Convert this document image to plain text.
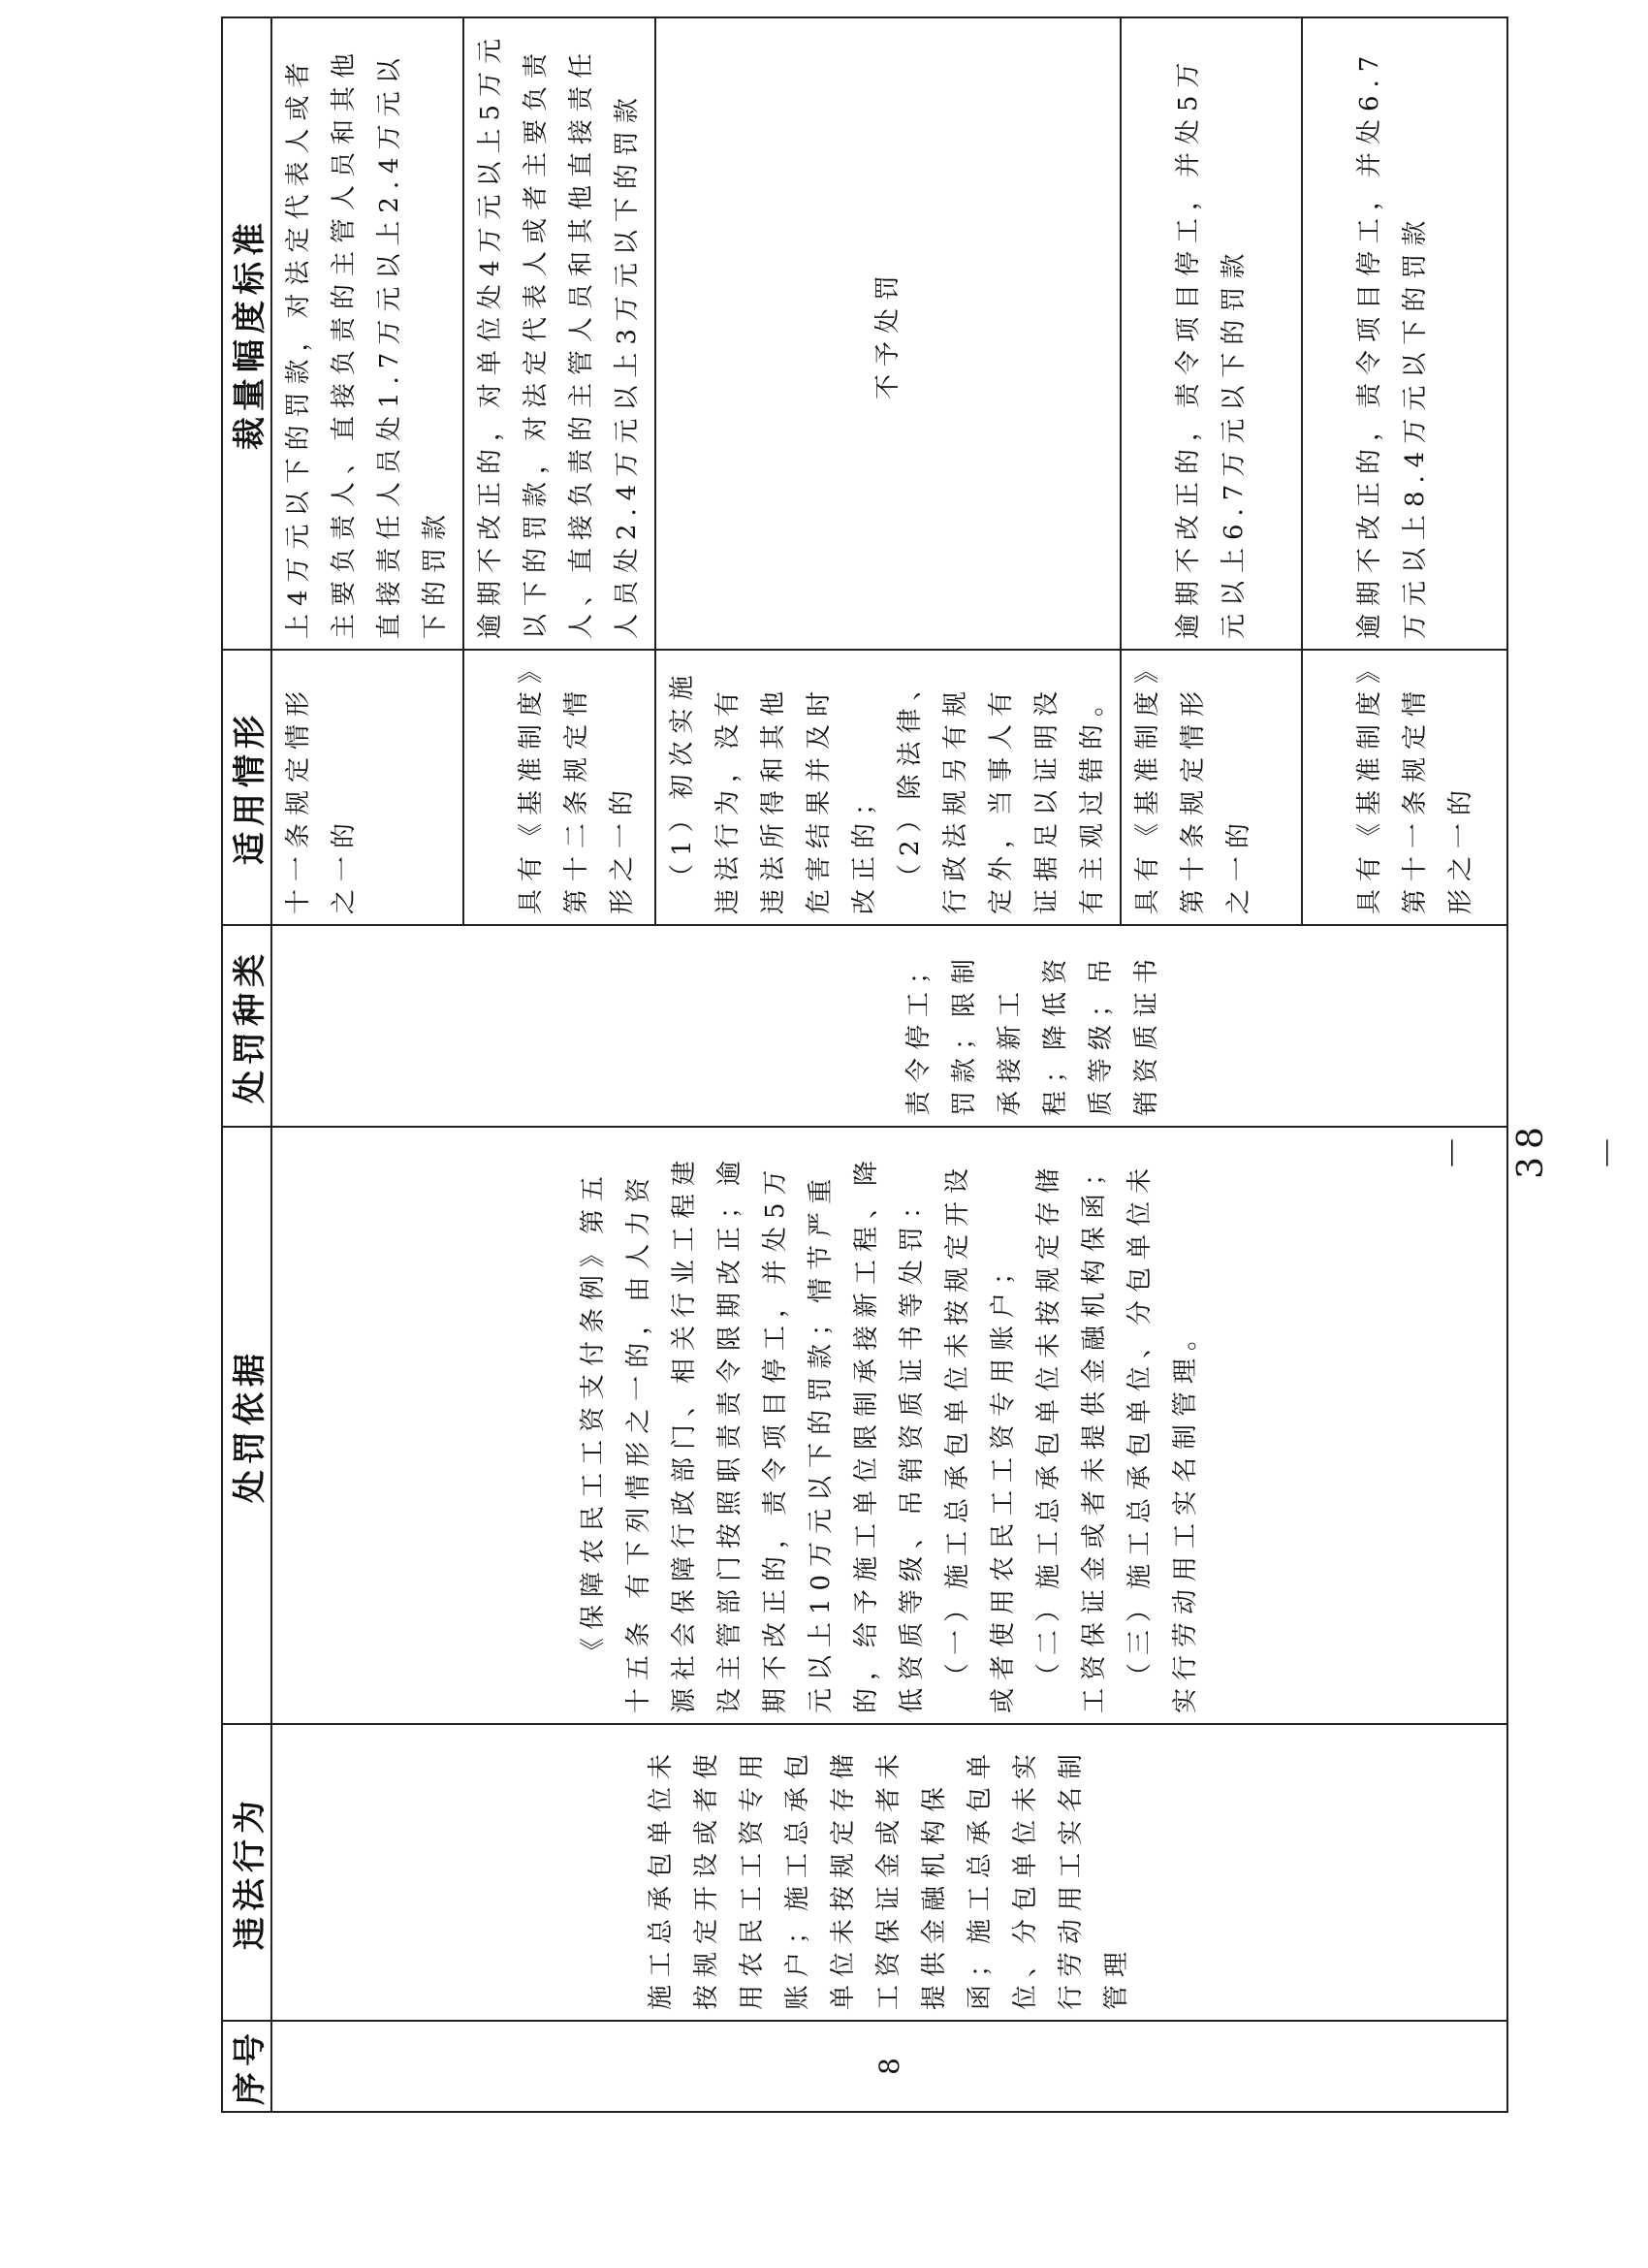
序号	违法行为	处罚依据	处罚种类	适用情形	裁量幅度标准
8	施工总承包单位未按规定开设或者使用农民工工资专用账户；施工总承包单位未按规定存储工资保证金或者未提供金融机构保函；施工总承包单位、分包单位未实行劳动用工实名制管理	《保障农民工工资支付条例》第五十五条 有下列情形之一的，由人力资源社会保障行政部门、相关行业工程建设主管部门按照职责责令限期改正；逾期不改正的，责令项目停工，并处5万元以上10万元以下的罚款；情节严重的，给予施工单位限制承接新工程、降低资质等级、吊销资质证书等处罚： （一）施工总承包单位未按规定开设或者使用农民工工资专用账户； （二）施工总承包单位未按规定存储工资保证金或者未提供金融机构保函； （三）施工总承包单位、分包单位未实行劳动用工实名制管理。	责令停工；罚款；限制承接新工程；降低资质等级；吊销资质证书	十一条规定情形之一的	上4万元以下的罚款，对法定代表人或者主要负责人、直接负责的主管人员和其他直接责任人员处1.7万元以上2.4万元以下的罚款
				具有《基准制度》第十二条规定情形之一的	逾期不改正的，对单位处4万元以上5万元以下的罚款，对法定代表人或者主要负责人、直接负责的主管人员和其他直接责任人员处2.4万元以上3万元以下的罚款

				（1）初次实施违法行为，没有违法所得和其他危害结果并及时改正的； （2）除法律、行政法规另有规定外，当事人有证据足以证明没有主观过错的。	不予处罚
				具有《基准制度》第十条规定情形之一的	逾期不改正的，责令项目停工，并处5万元以上6.7万元以下的罚款
				具有《基准制度》第十一条规定情形之一的	逾期不改正的，责令项目停工，并处6.7万元以上8.4万元以下的罚款
－ 38 －
